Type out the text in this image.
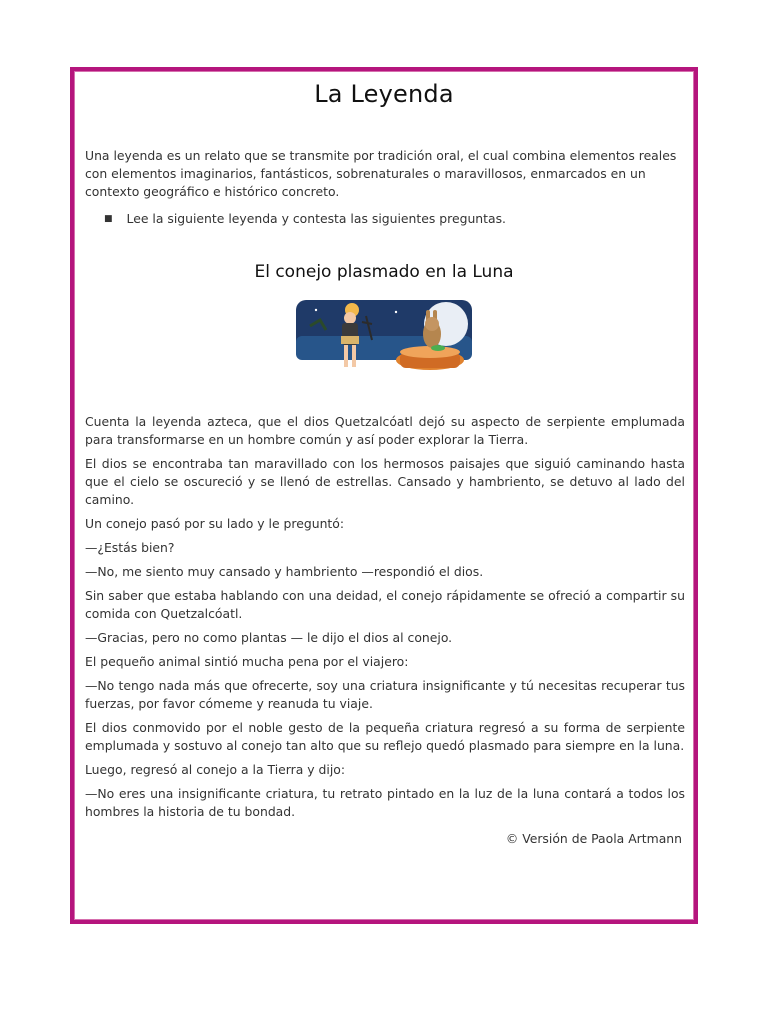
La Leyenda
Una leyenda es un relato que se transmite por tradición oral, el cual combina elementos reales con elementos imaginarios, fantásticos, sobrenaturales o maravillosos, enmarcados en un contexto geográfico e histórico concreto.
■ Lee la siguiente leyenda y contesta las siguientes preguntas.
El conejo plasmado en la Luna

Cuenta la leyenda azteca, que el dios Quetzalcóatl dejó su aspecto de serpiente emplumada para transformarse en un hombre común y así poder explorar la Tierra.

El dios se encontraba tan maravillado con los hermosos paisajes que siguió caminando hasta que el cielo se oscureció y se llenó de estrellas. Cansado y hambriento, se detuvo al lado del camino.

Un conejo pasó por su lado y le preguntó:

—¿Estás bien?

—No, me siento muy cansado y hambriento —respondió el dios.

Sin saber que estaba hablando con una deidad, el conejo rápidamente se ofreció a compartir su comida con Quetzalcóatl.

—Gracias, pero no como plantas — le dijo el dios al conejo.

El pequeño animal sintió mucha pena por el viajero:

—No tengo nada más que ofrecerte, soy una criatura insignificante y tú necesitas recuperar tus fuerzas, por favor cómeme y reanuda tu viaje.

El dios conmovido por el noble gesto de la pequeña criatura regresó a su forma de serpiente emplumada y sostuvo al conejo tan alto que su reflejo quedó plasmado para siempre en la luna.

Luego, regresó al conejo a la Tierra y dijo:

—No eres una insignificante criatura, tu retrato pintado en la luz de la luna contará a todos los hombres la historia de tu bondad.

© Versión de Paola Artmann
